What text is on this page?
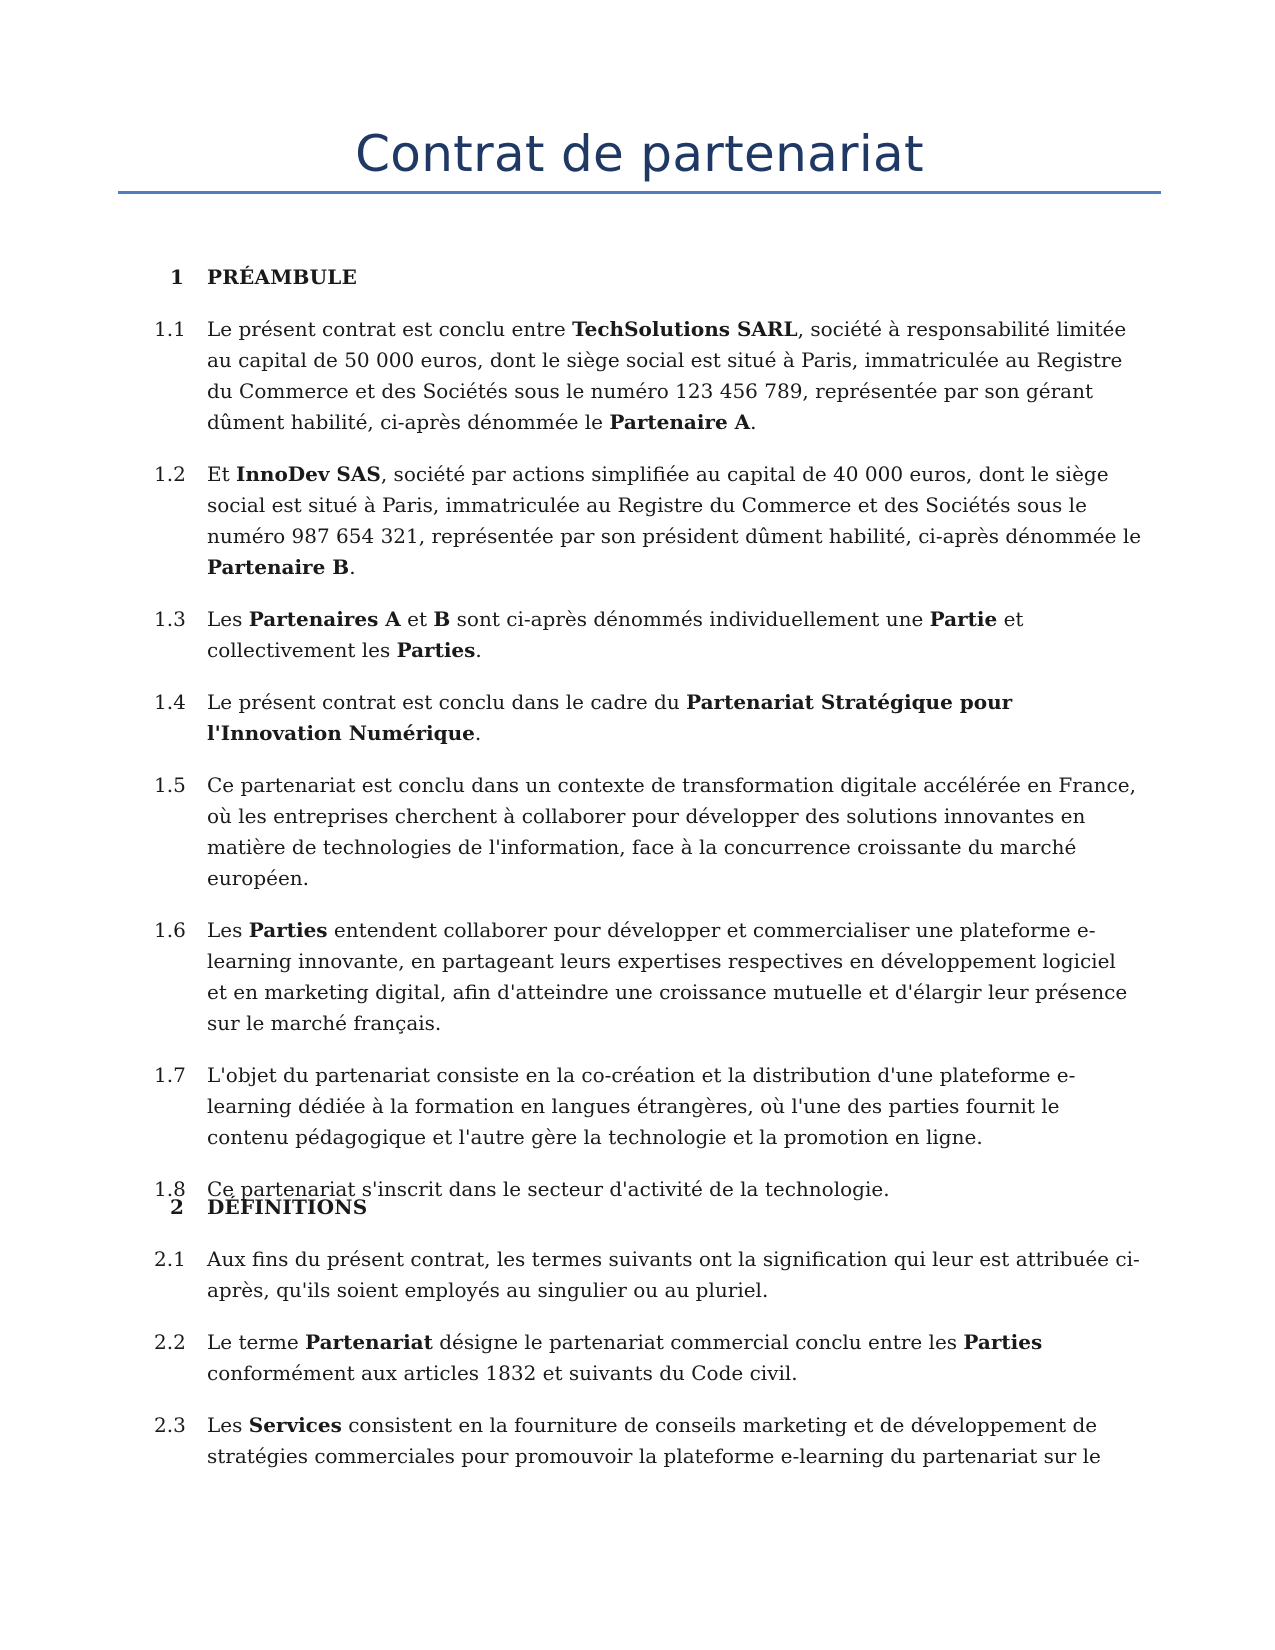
Contrat de partenariat
1 PRÉAMBULE
1.1 Le présent contrat est conclu entre TechSolutions SARL, société à responsabilité limitée au capital de 50 000 euros, dont le siège social est situé à Paris, immatriculée au Registre du Commerce et des Sociétés sous le numéro 123 456 789, représentée par son gérant dûment habilité, ci-après dénommée le Partenaire A.
1.2 Et InnoDev SAS, société par actions simplifiée au capital de 40 000 euros, dont le siège social est situé à Paris, immatriculée au Registre du Commerce et des Sociétés sous le numéro 987 654 321, représentée par son président dûment habilité, ci-après dénommée le Partenaire B.
1.3 Les Partenaires A et B sont ci-après dénommés individuellement une Partie et collectivement les Parties.
1.4 Le présent contrat est conclu dans le cadre du Partenariat Stratégique pour l'Innovation Numérique.
1.5 Ce partenariat est conclu dans un contexte de transformation digitale accélérée en France, où les entreprises cherchent à collaborer pour développer des solutions innovantes en matière de technologies de l'information, face à la concurrence croissante du marché européen.
1.6 Les Parties entendent collaborer pour développer et commercialiser une plateforme e-learning innovante, en partageant leurs expertises respectives en développement logiciel et en marketing digital, afin d'atteindre une croissance mutuelle et d'élargir leur présence sur le marché français.
1.7 L'objet du partenariat consiste en la co-création et la distribution d'une plateforme e-learning dédiée à la formation en langues étrangères, où l'une des parties fournit le contenu pédagogique et l'autre gère la technologie et la promotion en ligne.
1.8 Ce partenariat s'inscrit dans le secteur d'activité de la technologie.
2 DÉFINITIONS
2.1 Aux fins du présent contrat, les termes suivants ont la signification qui leur est attribuée ci-après, qu'ils soient employés au singulier ou au pluriel.
2.2 Le terme Partenariat désigne le partenariat commercial conclu entre les Parties conformément aux articles 1832 et suivants du Code civil.
2.3 Les Services consistent en la fourniture de conseils marketing et de développement de stratégies commerciales pour promouvoir la plateforme e-learning du partenariat sur le
